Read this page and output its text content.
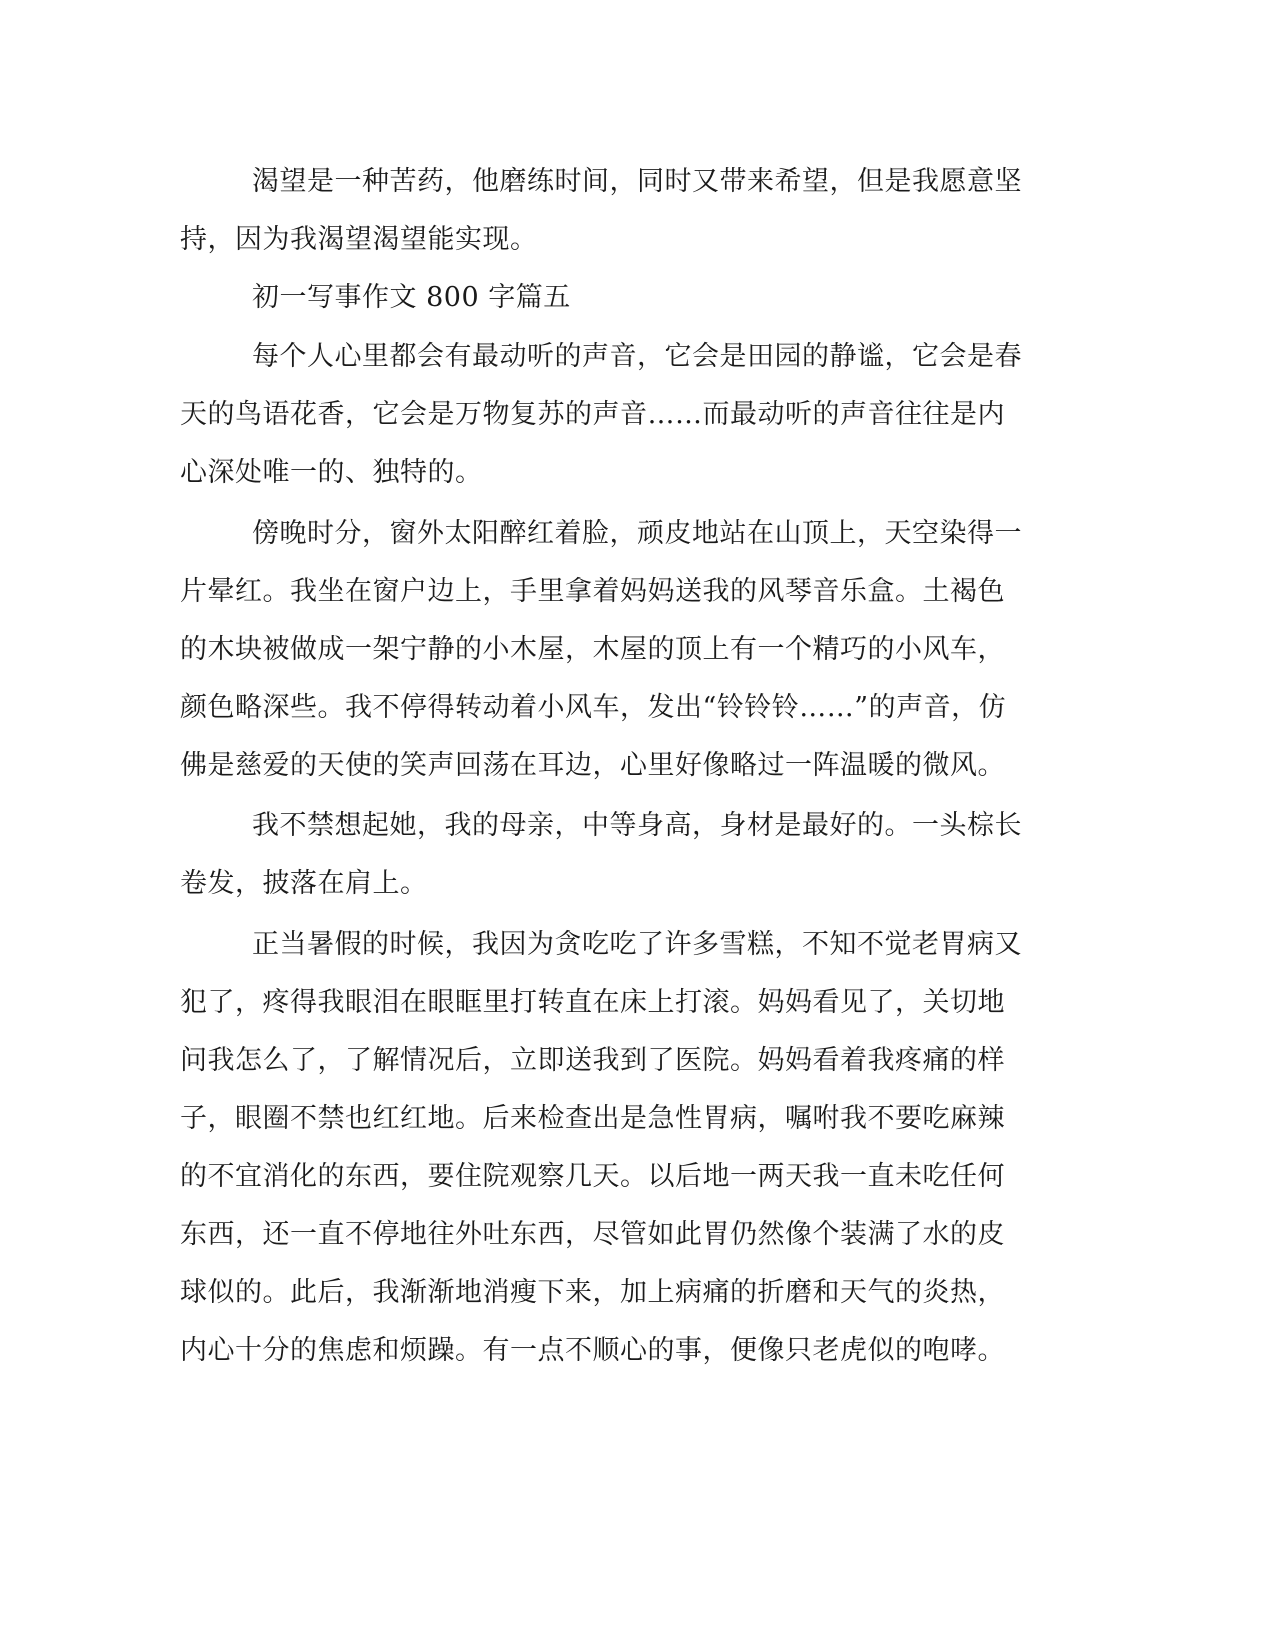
渴望是一种苦药，他磨练时间，同时又带来希望，但是我愿意坚

持，因为我渴望渴望能实现。

初一写事作文 800 字篇五

每个人心里都会有最动听的声音，它会是田园的静谧，它会是春

天的鸟语花香，它会是万物复苏的声音……而最动听的声音往往是内

心深处唯一的、独特的。

傍晚时分，窗外太阳醉红着脸，顽皮地站在山顶上，天空染得一

片晕红。我坐在窗户边上，手里拿着妈妈送我的风琴音乐盒。土褐色

的木块被做成一架宁静的小木屋，木屋的顶上有一个精巧的小风车，

颜色略深些。我不停得转动着小风车，发出“铃铃铃……”的声音，仿

佛是慈爱的天使的笑声回荡在耳边，心里好像略过一阵温暖的微风。

我不禁想起她，我的母亲，中等身高，身材是最好的。一头棕长

卷发，披落在肩上。

正当暑假的时候，我因为贪吃吃了许多雪糕，不知不觉老胃病又

犯了，疼得我眼泪在眼眶里打转直在床上打滚。妈妈看见了，关切地

问我怎么了，了解情况后，立即送我到了医院。妈妈看着我疼痛的样

子，眼圈不禁也红红地。后来检查出是急性胃病，嘱咐我不要吃麻辣

的不宜消化的东西，要住院观察几天。以后地一两天我一直未吃任何

东西，还一直不停地往外吐东西，尽管如此胃仍然像个装满了水的皮

球似的。此后，我渐渐地消瘦下来，加上病痛的折磨和天气的炎热，

内心十分的焦虑和烦躁。有一点不顺心的事，便像只老虎似的咆哮。
